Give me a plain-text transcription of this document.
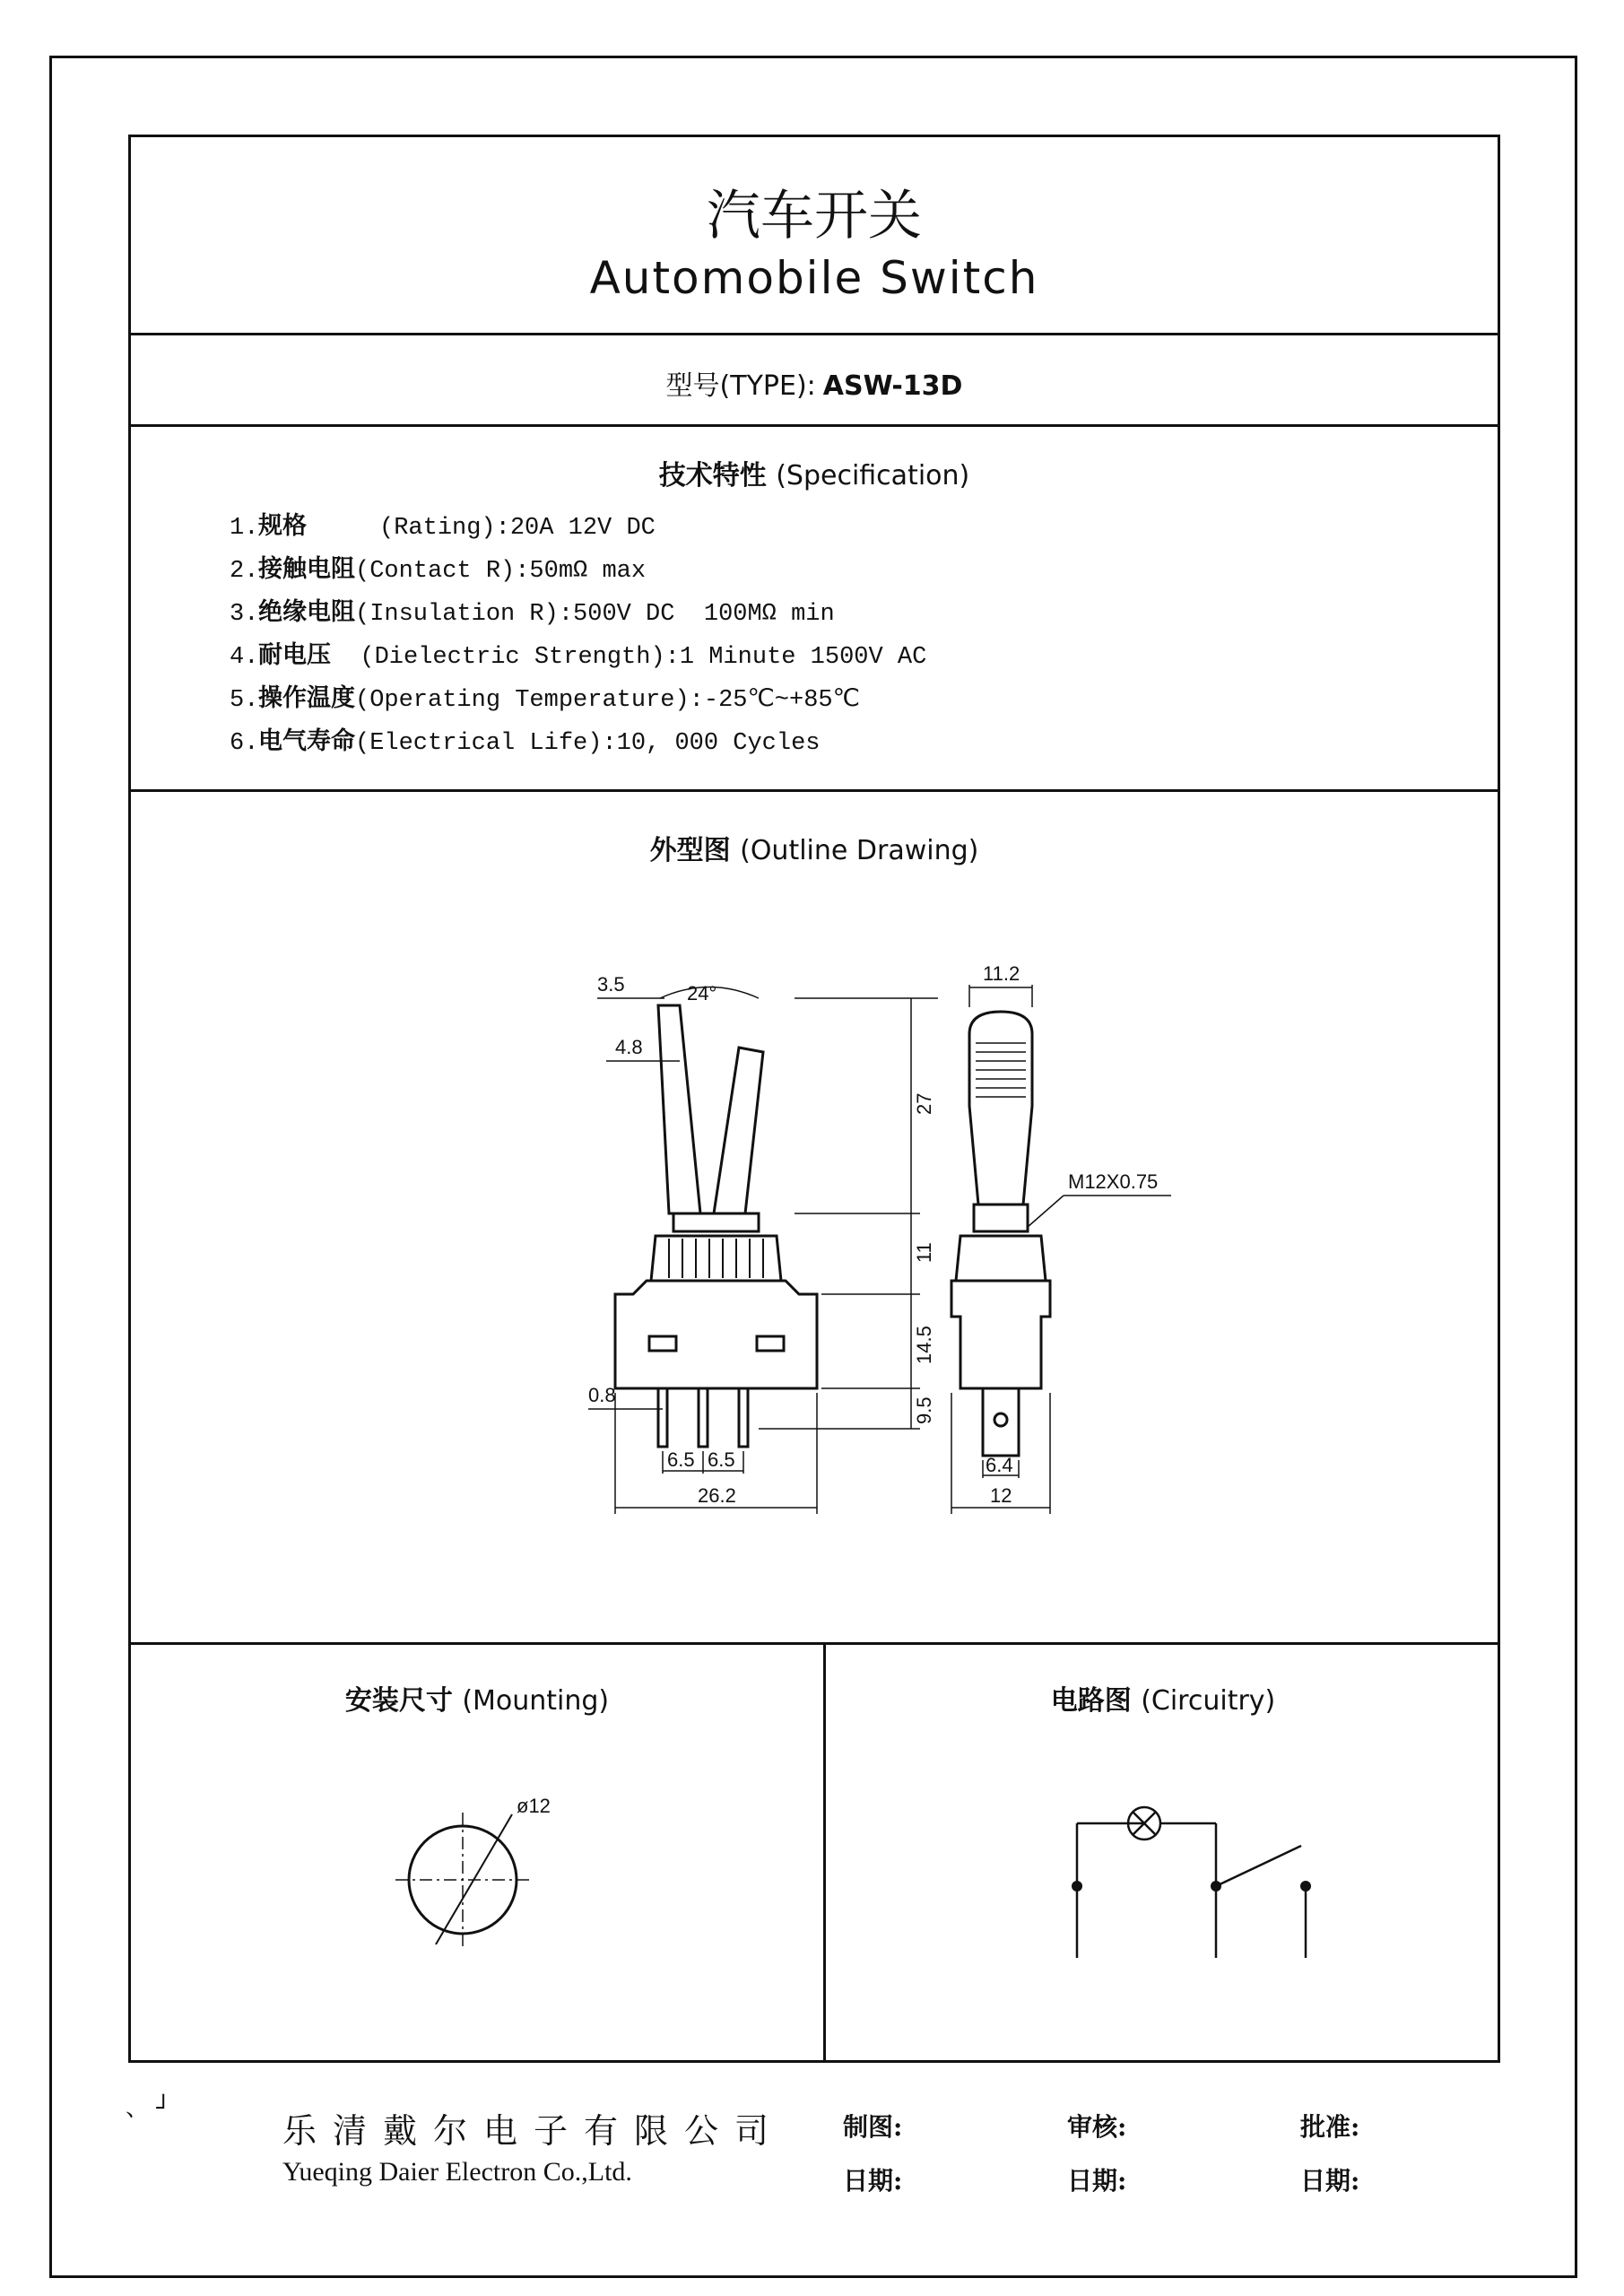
汽车开关
Automobile Switch
型号(TYPE): ASW-13D
技术特性 (Specification)
1.规格     (Rating):20A 12V DC
2.接触电阻(Contact R):50mΩ max
3.绝缘电阻(Insulation R):500V DC  100MΩ min
4.耐电压  (Dielectric Strength):1 Minute 1500V AC
5.操作温度(Operating Temperature):-25℃~+85℃
6.电气寿命(Electrical Life):10, 000 Cycles
外型图 (Outline Drawing)
24°
3.5
4.8
27
11
14.5
9.5
0.8
6.5 6.5
26.2
11.2
M12X0.75
6.4
12
安装尺寸 (Mounting)	电路图 (Circuitry)
ø12
、 ┘
乐清戴尔电子有限公司
Yueqing Daier Electron Co.,Ltd.
制图:	审核:	批准:
日期:	日期:	日期:
